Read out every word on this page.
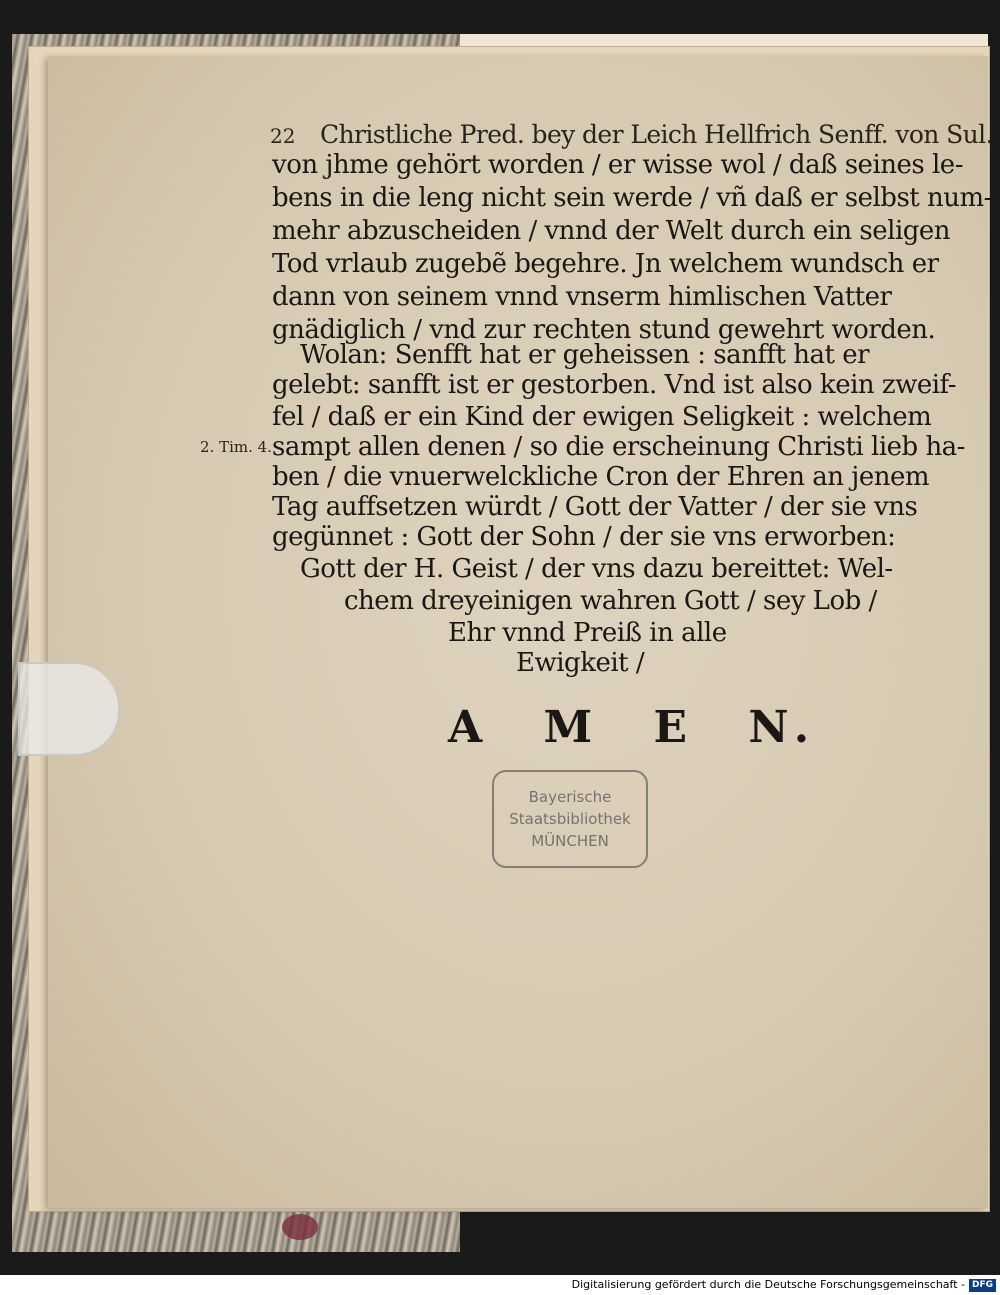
22 Christliche Pred. bey der Leich Hellfrich Senff. von Sul.
2. Tim. 4.

von jhme gehört worden / er wisse wol / daß seines le-

bens in die leng nicht sein werde / vñ daß er selbst num-

mehr abzuscheiden / vnnd der Welt durch ein seligen

Tod vrlaub zugebẽ begehre. Jn welchem wundsch er

dann von seinem vnnd vnserm himlischen Vatter

gnädiglich / vnd zur rechten stund gewehrt worden.

Wolan: Senfft hat er geheissen : sanfft hat er

gelebt: sanfft ist er gestorben. Vnd ist also kein zweif-

fel / daß er ein Kind der ewigen Seligkeit : welchem

sampt allen denen / so die erscheinung Christi lieb ha-

ben / die vnuerwelckliche Cron der Ehren an jenem

Tag auffsetzen würdt / Gott der Vatter / der sie vns

gegünnet : Gott der Sohn / der sie vns erworben:

Gott der H. Geist / der vns dazu bereittet: Wel-
chem dreyeinigen wahren Gott / sey Lob /
Ehr vnnd Preiß in alle
Ewigkeit /
A M E N.
Bayerische
Staatsbibliothek
MÜNCHEN
Digitalisierung gefördert durch die Deutsche Forschungsgemeinschaft - DFG
